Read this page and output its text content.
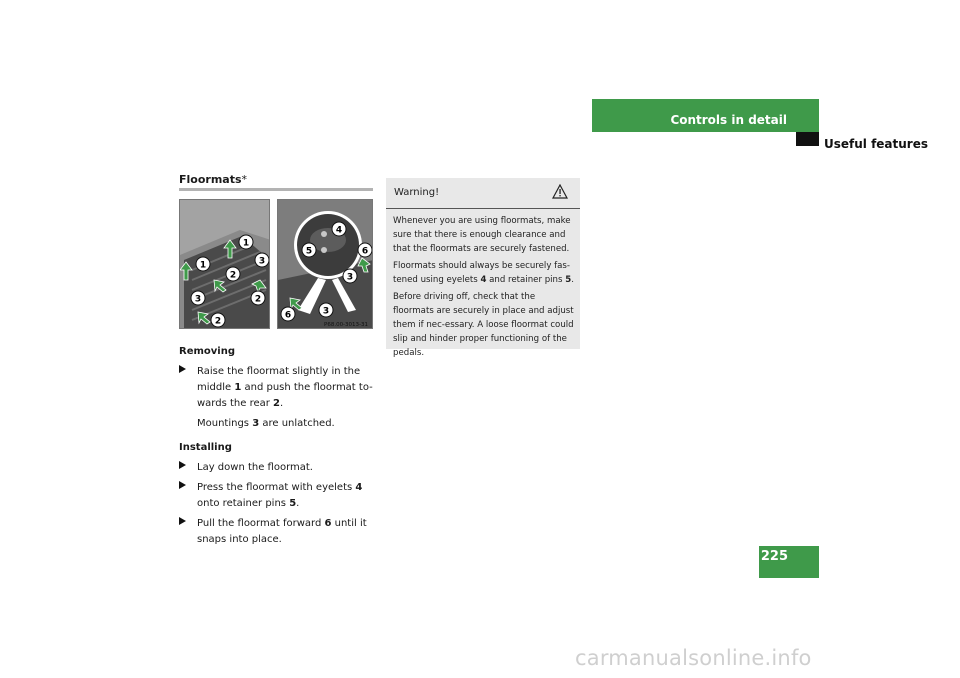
Controls in detail
Useful features
Floormats*
1
1
2
3
2
3
2
4
5	6
3
3
6
P68.00-3013-31
Removing
Raise the floormat slightly in the middle 1 and push the floormat to-wards the rear 2.
Mountings 3 are unlatched.
Installing
Lay down the floormat.
Press the floormat with eyelets 4 onto retainer pins 5.
Pull the floormat forward 6 until it snaps into place.
Warning!

Whenever you are using floormats, make sure that there is enough clearance and that the floormats are securely fastened.

Floormats should always be securely fas-tened using eyelets 4 and retainer pins 5.

Before driving off, check that the floormats are securely in place and adjust them if nec-essary. A loose floormat could slip and hinder proper functioning of the pedals.

225
carmanualsonline.info
